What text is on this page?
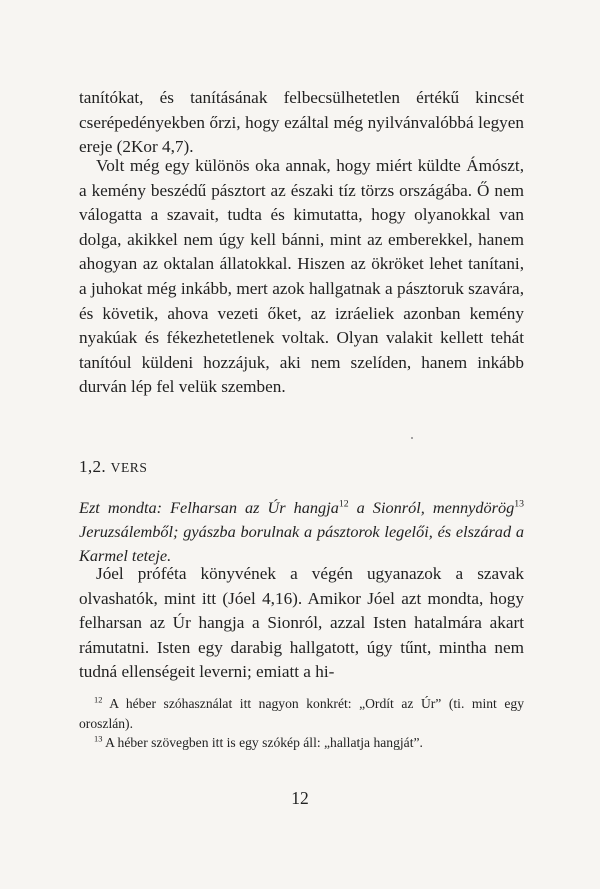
tanítókat, és tanításának felbecsülhetetlen értékű kincsét cserépedényekben őrzi, hogy ezáltal még nyilvánvalóbbá legyen ereje (2Kor 4,7).

Volt még egy különös oka annak, hogy miért küldte Ámószt, a kemény beszédű pásztort az északi tíz törzs országába. Ő nem válogatta a szavait, tudta és kimutatta, hogy olyanokkal van dolga, akikkel nem úgy kell bánni, mint az emberekkel, hanem ahogyan az oktalan állatokkal. Hiszen az ökröket lehet tanítani, a juhokat még inkább, mert azok hallgatnak a pásztoruk szavára, és követik, ahova vezeti őket, az izráeliek azonban kemény nyakúak és fékezhetetlenek voltak. Olyan valakit kellett tehát tanítóul küldeni hozzájuk, aki nem szelíden, hanem inkább durván lép fel velük szemben.

1,2. VERS
Ezt mondta: Felharsan az Úr hangja$^{12}$ a Sionról, mennydörög$^{13}$ Jeruzsálemből; gyászba borulnak a pásztorok legelői, és elszárad a Karmel teteje.

Jóel próféta könyvének a végén ugyanazok a szavak olvashatók, mint itt (Jóel 4,16). Amikor Jóel azt mondta, hogy felharsan az Úr hangja a Sionról, azzal Isten hatalmára akart rámutatni. Isten egy darabig hallgatott, úgy tűnt, mintha nem tudná ellenségeit leverni; emiatt a hi-

$^{12}$ A héber szóhasználat itt nagyon konkrét: „Ordít az Úr” (ti. mint egy oroszlán).

$^{13}$ A héber szövegben itt is egy szókép áll: „hallatja hangját”.

12
